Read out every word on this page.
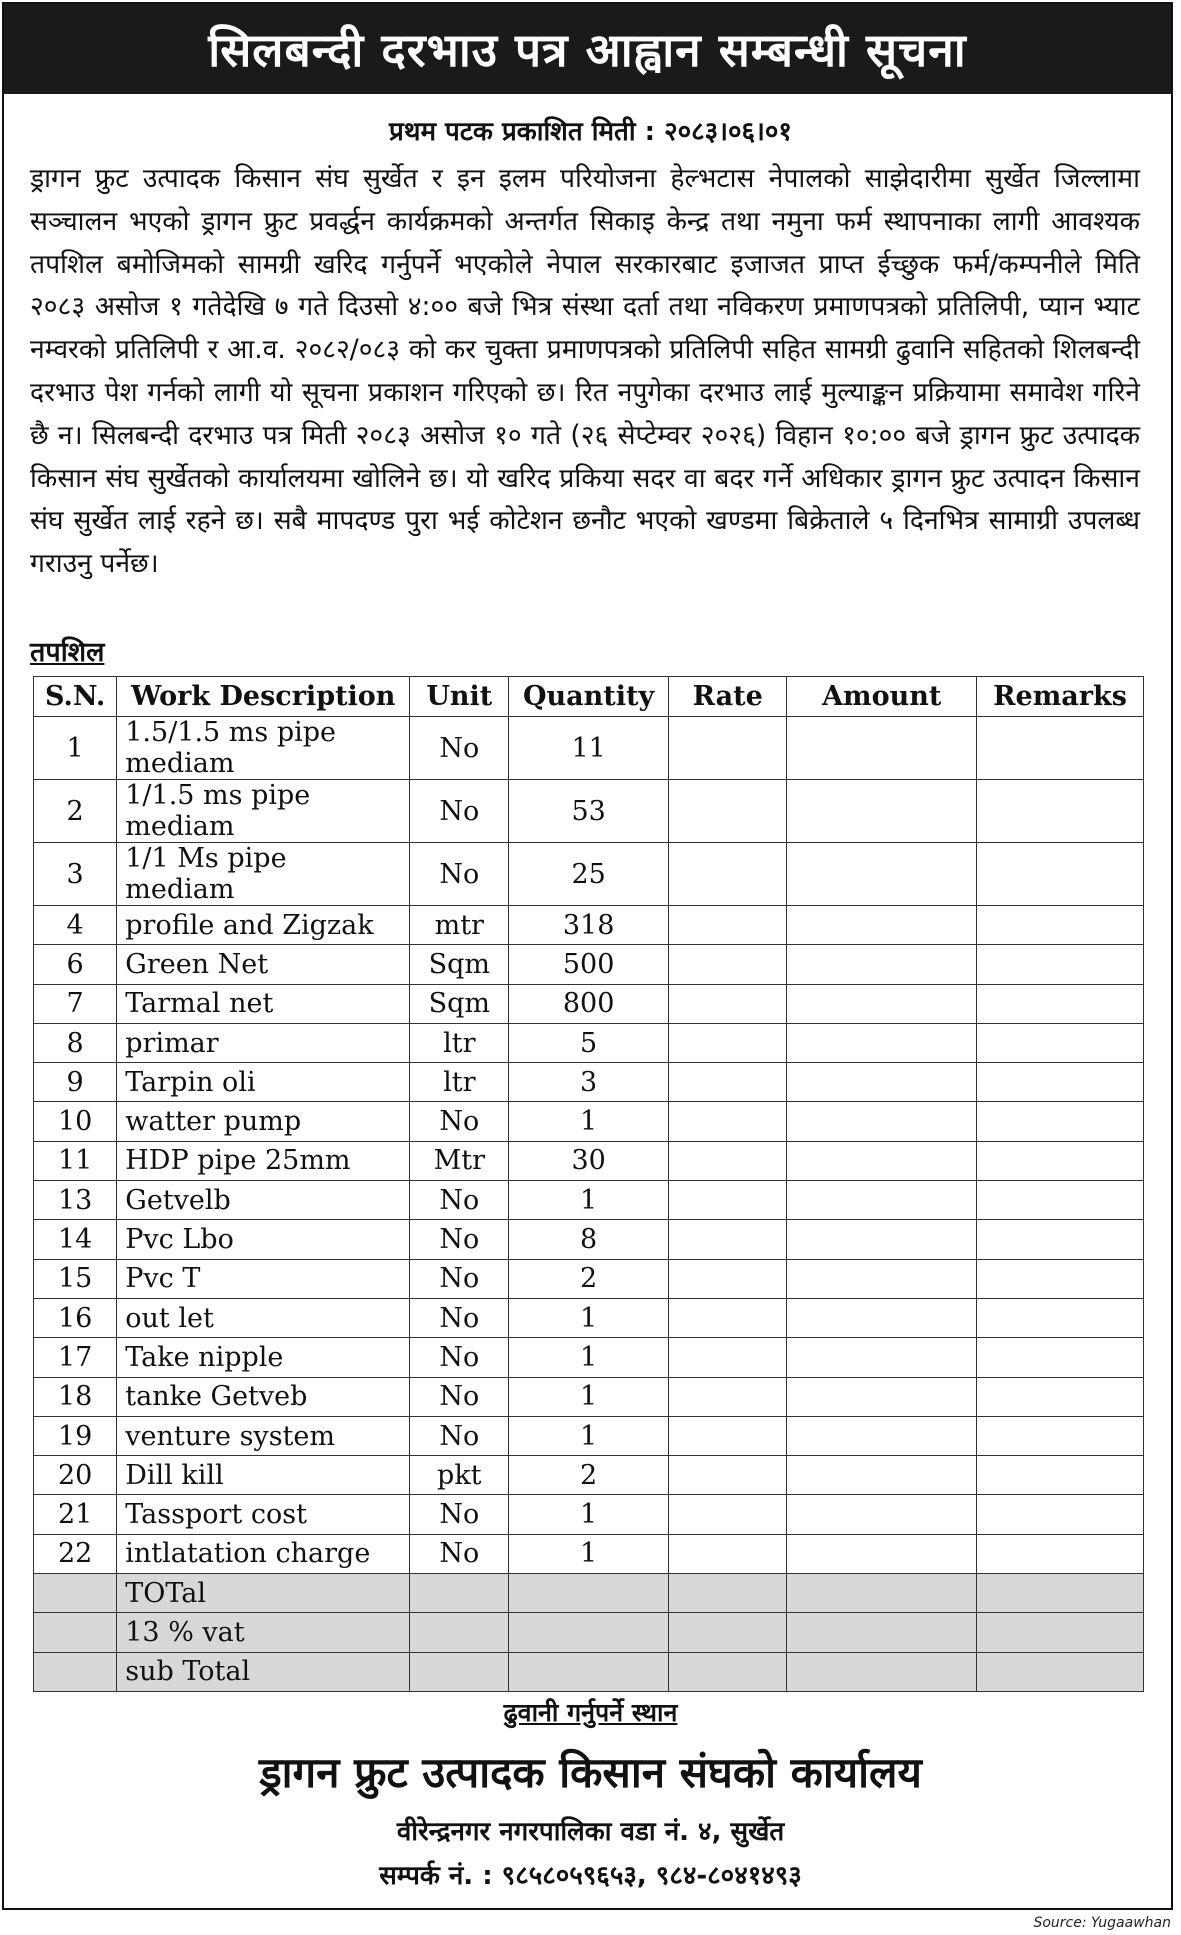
सिलबन्दी दरभाउ पत्र आह्वान सम्बन्धी सूचना
प्रथम पटक प्रकाशित मिती : २०८३।०६।०१
ड्रागन फ्रुट उत्पादक किसान संघ सुर्खेत र इन इलम परियोजना हेल्भटास नेपालको साझेदारीमा सुर्खेत जिल्लामा सञ्चालन भएको ड्रागन फ्रुट प्रवर्द्धन कार्यक्रमको अन्तर्गत सिकाइ केन्द्र तथा नमुना फर्म स्थापनाका लागी आवश्यक तपशिल बमोजिमको सामग्री खरिद गर्नुपर्ने भएकोले नेपाल सरकारबाट इजाजत प्राप्त ईच्छुक फर्म/कम्पनीले मिति २०८३ असोज १ गतेदेखि ७ गते दिउसो ४:०० बजे भित्र संस्था दर्ता तथा नविकरण प्रमाणपत्रको प्रतिलिपी, प्यान भ्याट नम्वरको प्रतिलिपी र आ.व. २०८२/०८३ को कर चुक्ता प्रमाणपत्रको प्रतिलिपी सहित सामग्री ढुवानि सहितको शिलबन्दी दरभाउ पेश गर्नको लागी यो सूचना प्रकाशन गरिएको छ। रित नपुगेका दरभाउ लाई मुल्याङ्कन प्रक्रियामा समावेश गरिने छै न। सिलबन्दी दरभाउ पत्र मिती २०८३ असोज १० गते (२६ सेप्टेम्वर २०२६) विहान १०:०० बजे ड्रागन फ्रुट उत्पादक किसान संघ सुर्खेतको कार्यालयमा खोलिने छ। यो खरिद प्रकिया सदर वा बदर गर्ने अधिकार ड्रागन फ्रुट उत्पादन किसान संघ सुर्खेत लाई रहने छ। सबै मापदण्ड पुरा भई कोटेशन छनौट भएको खण्डमा बिक्रेताले ५ दिनभित्र सामाग्री उपलब्ध गराउनु पर्नेछ।
तपशिल
S.N.	Work Description	Unit	Quantity	Rate	Amount	Remarks
1	1.5/1.5 ms pipe mediam	No	11			
2	1/1.5 ms pipe mediam	No	53			
3	1/1 Ms pipe mediam	No	25			
4	profile and Zigzak	mtr	318			
6	Green Net	Sqm	500			
7	Tarmal net	Sqm	800			
8	primar	ltr	5			
9	Tarpin oli	ltr	3			
10	watter pump	No	1			
11	HDP pipe 25mm	Mtr	30			
13	Getvelb	No	1			
14	Pvc Lbo	No	8			
15	Pvc T	No	2			
16	out let	No	1			
17	Take nipple	No	1			
18	tanke Getveb	No	1			
19	venture system	No	1			
20	Dill kill	pkt	2			
21	Tassport cost	No	1			
22	intlatation charge	No	1			
	TOTal					
	13 % vat					
	sub Total					
ढुवानी गर्नुपर्ने स्थान
ड्रागन फ्रुट उत्पादक किसान संघको कार्यालय
वीरेन्द्रनगर नगरपालिका वडा नं. ४, सुर्खेत
सम्पर्क नं. : ९८५८०५९६५३, ९८४-८०४१४९३
Source: Yugaawhan
